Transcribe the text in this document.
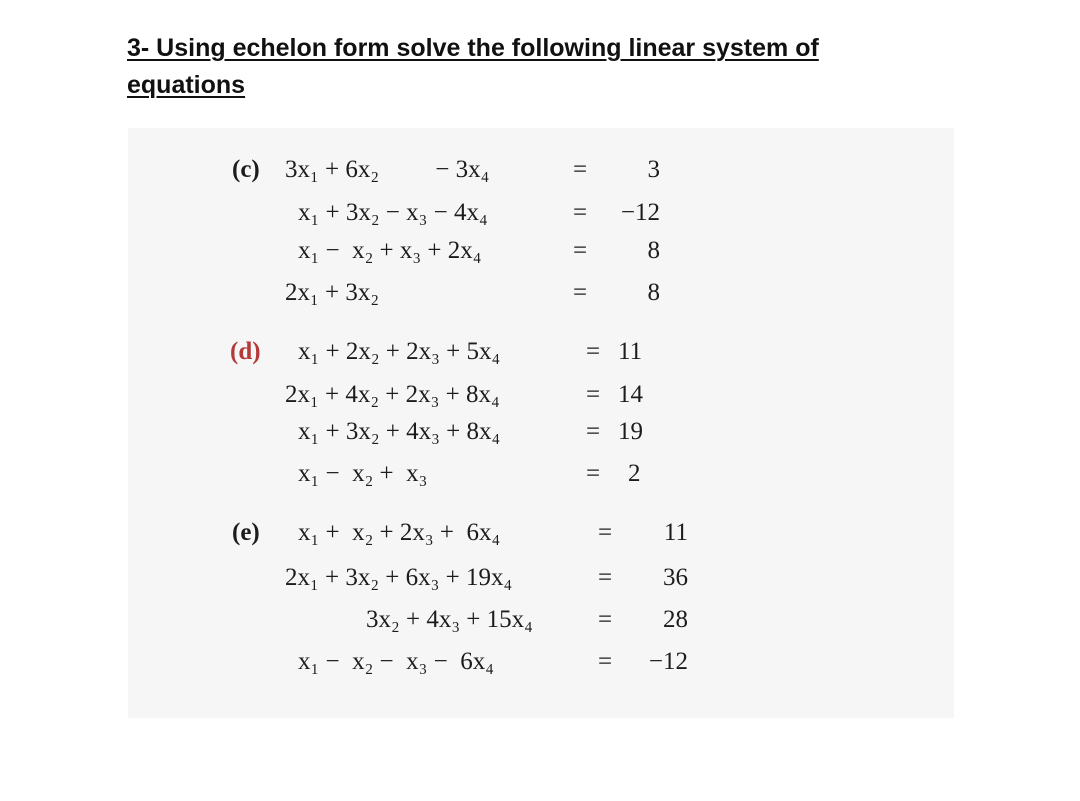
3- Using echelon form solve the following linear system of equations
(c) 3x₁ + 6x₂         − 3x₄	=	3
x₁ + 3x₂ − x₃ − 4x₄	=	−12
x₁ −  x₂ + x₃ + 2x₄	=	8
2x₁ + 3x₂	=	8
(d) x₁ + 2x₂ + 2x₃ + 5x₄	= 11
2x₁ + 4x₂ + 2x₃ + 8x₄	= 14
x₁ + 3x₂ + 4x₃ + 8x₄	= 19
x₁ −  x₂ +  x₃	= 2
(e) x₁ +  x₂ + 2x₃ +  6x₄	=	11
2x₁ + 3x₂ + 6x₃ + 19x₄	=	36
3x₂ + 4x₃ + 15x₄	=	28
x₁ −  x₂ −  x₃ −  6x₄	=	−12
